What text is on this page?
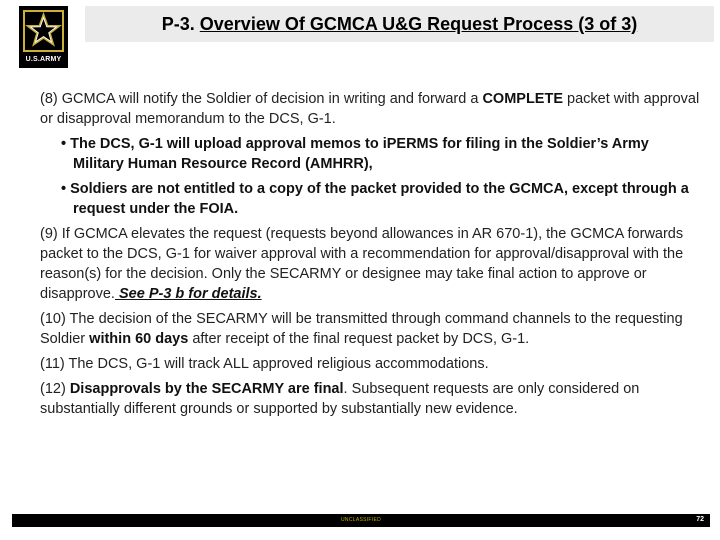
U.S.ARMY
P-3. Overview Of GCMCA U&G Request Process (3 of 3)

(8) GCMCA will notify the Soldier of decision in writing and forward a COMPLETE packet with approval or disapproval memorandum to the DCS, G-1.

• The DCS, G-1 will upload approval memos to iPERMS for filing in the Soldier’s Army Military Human Resource Record (AMHRR),

• Soldiers are not entitled to a copy of the packet provided to the GCMCA, except through a request under the FOIA.

(9) If GCMCA elevates the request (requests beyond allowances in AR 670-1), the GCMCA forwards packet to the DCS, G-1 for waiver approval with a recommendation for approval/disapproval with the reason(s) for the decision. Only the SECARMY or designee may take final action to approve or disapprove. See P-3 b for details.

(10) The decision of the SECARMY will be transmitted through command channels to the requesting Soldier within 60 days after receipt of the final request packet by DCS, G-1.

(11) The DCS, G-1 will track ALL approved religious accommodations.

(12) Disapprovals by the SECARMY are final. Subsequent requests are only considered on substantially different grounds or supported by substantially new evidence.

UNCLASSIFIED	72
